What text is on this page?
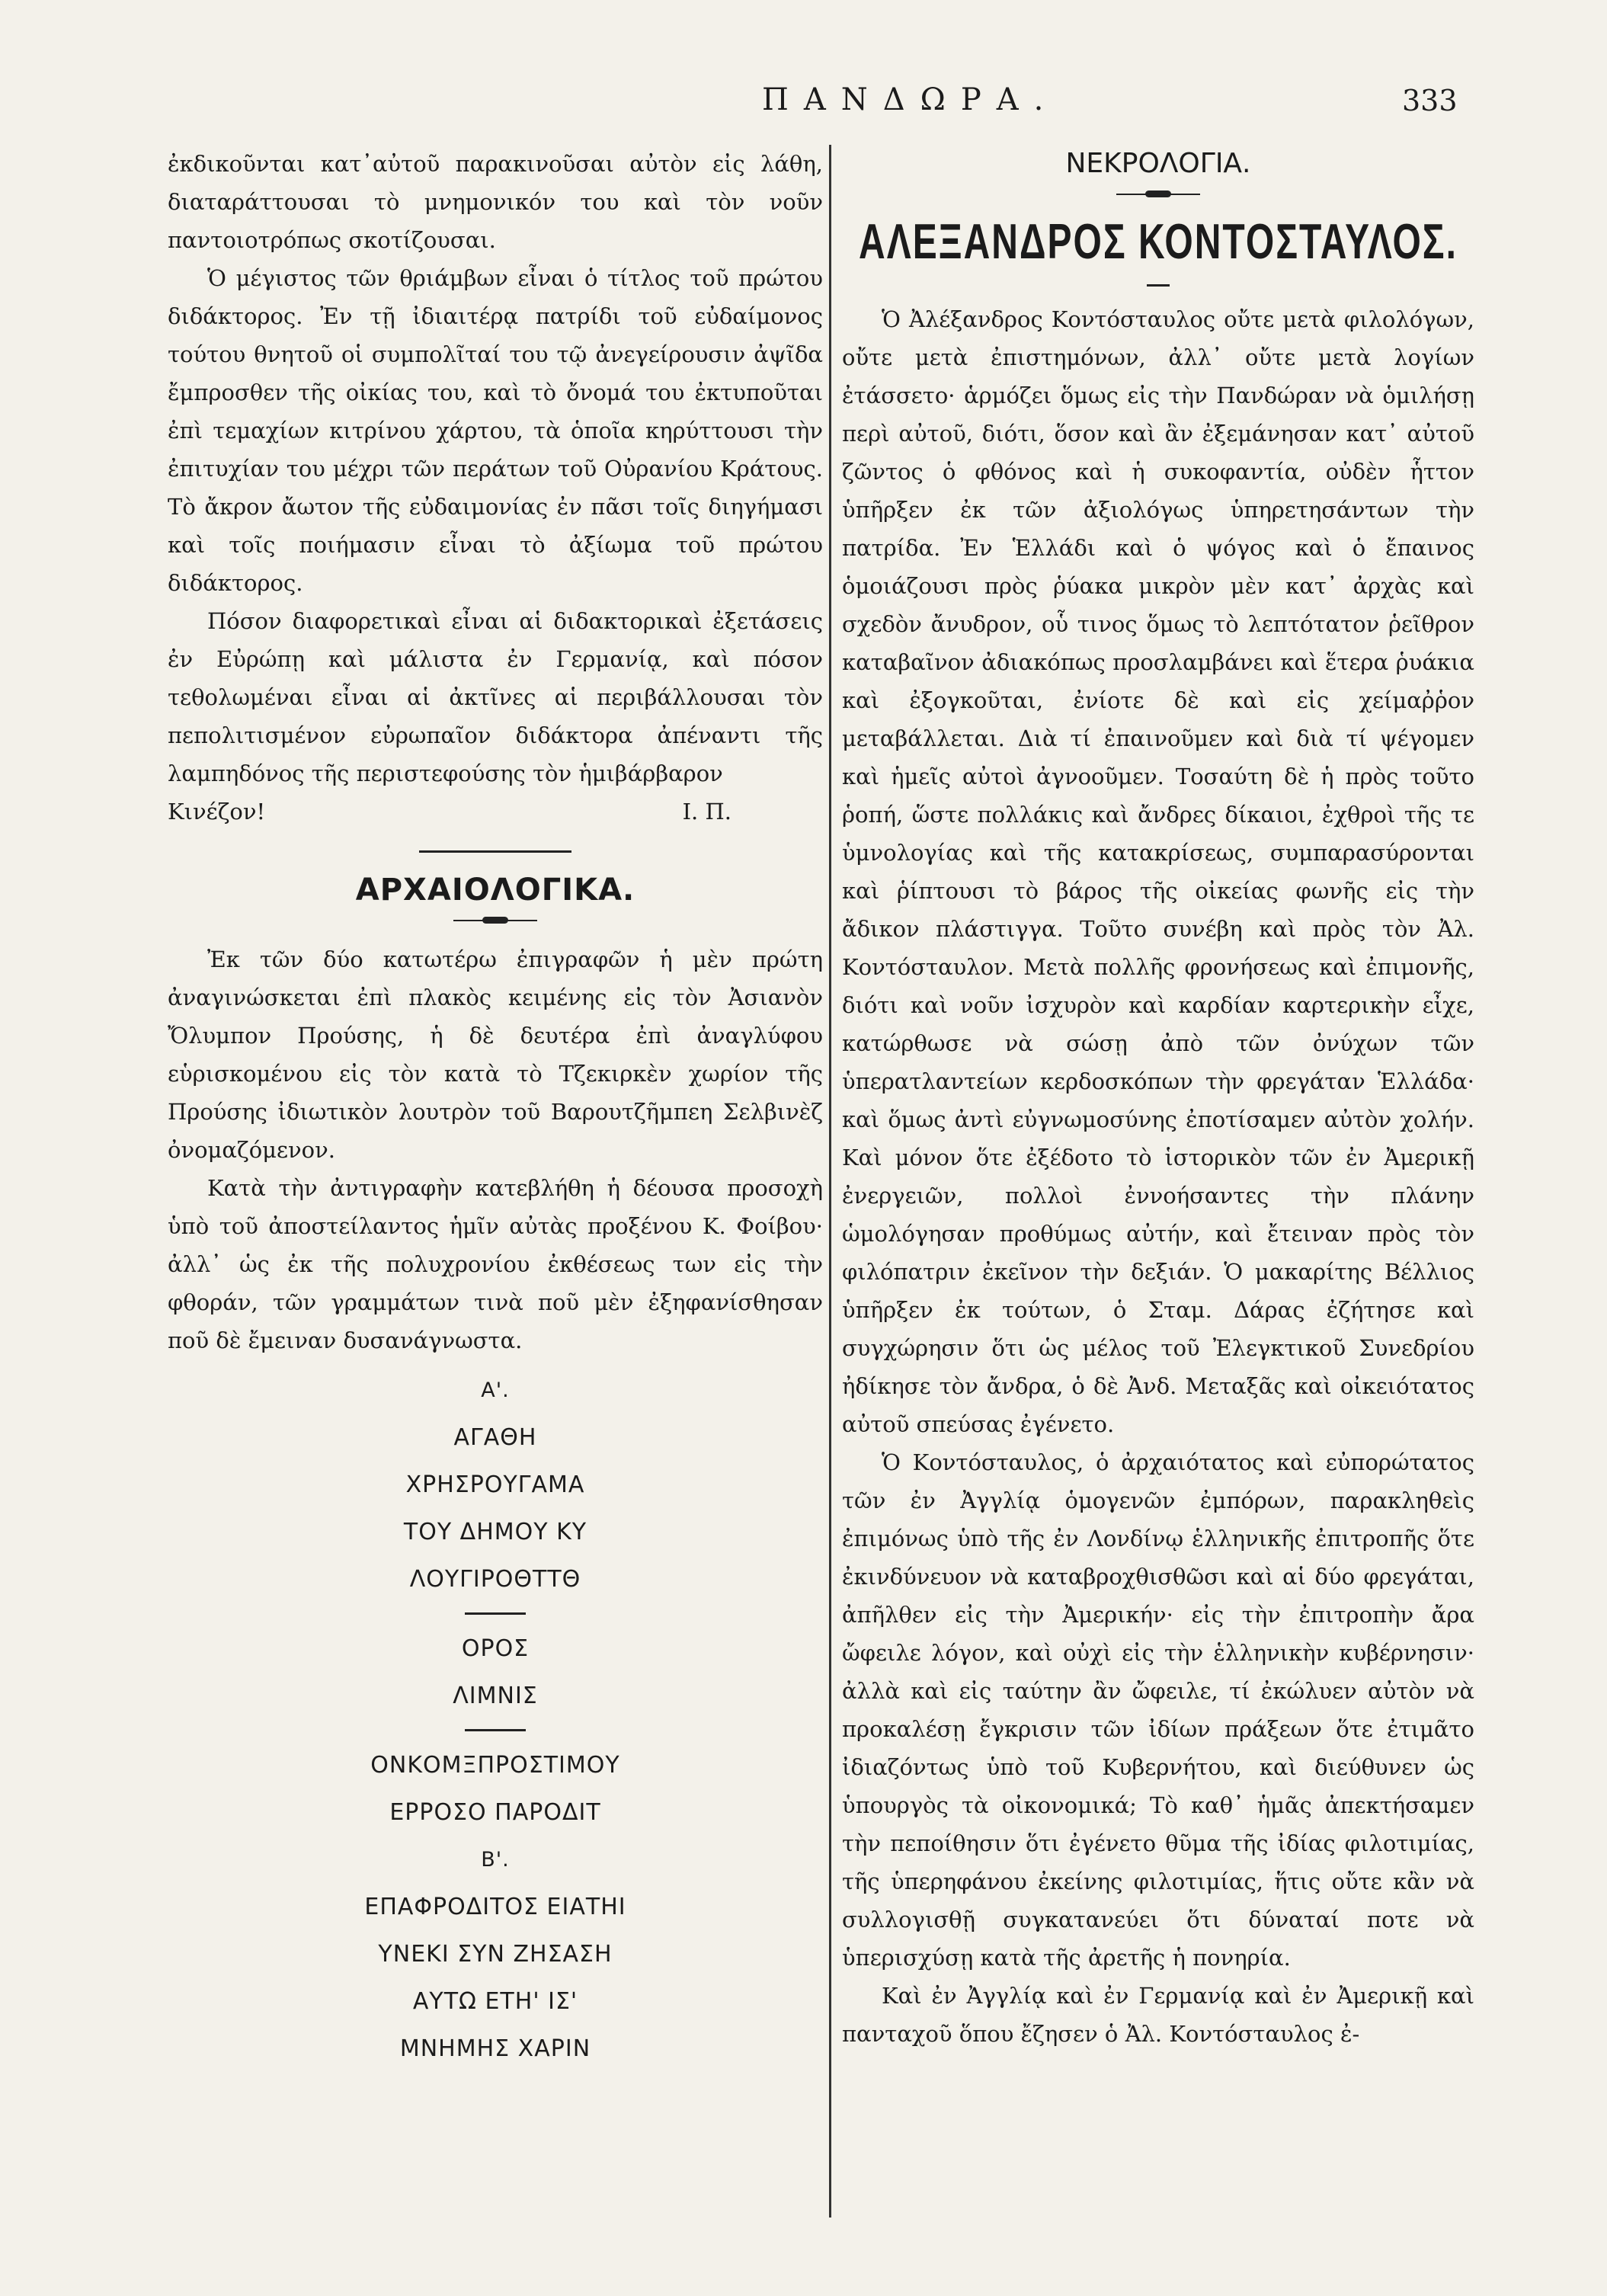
ΠΑΝΔΩΡΑ.	333

ἐκδικοῦνται κατ᾽αὐτοῦ παρακινοῦσαι αὐτὸν εἰς λάθη, διαταράττουσαι τὸ μνημονικόν του καὶ τὸν νοῦν παντοιοτρόπως σκοτίζουσαι.

Ὁ μέγιστος τῶν θριάμβων εἶναι ὁ τίτλος τοῦ πρώτου διδάκτορος. Ἐν τῇ ἰδιαιτέρᾳ πατρίδι τοῦ εὐδαίμονος τούτου θνητοῦ οἱ συμπολῖταί του τῷ ἀνεγείρουσιν ἀψῖδα ἔμπροσθεν τῆς οἰκίας του, καὶ τὸ ὄνομά του ἐκτυποῦται ἐπὶ τεμαχίων κιτρίνου χάρτου, τὰ ὁποῖα κηρύττουσι τὴν ἐπιτυχίαν του μέχρι τῶν περάτων τοῦ Οὐρανίου Κράτους. Τὸ ἄκρον ἄωτον τῆς εὐδαιμονίας ἐν πᾶσι τοῖς διηγήμασι καὶ τοῖς ποιήμασιν εἶναι τὸ ἀξίωμα τοῦ πρώτου διδάκτορος.

Πόσον διαφορετικαὶ εἶναι αἱ διδακτορικαὶ ἐξετάσεις ἐν Εὐρώπῃ καὶ μάλιστα ἐν Γερμανίᾳ, καὶ πόσον τεθολωμέναι εἶναι αἱ ἀκτῖνες αἱ περιβάλλουσαι τὸν πεπολιτισμένον εὐρωπαῖον διδάκτορα ἀπέναντι τῆς λαμπηδόνος τῆς περιστεφούσης τὸν ἡμιβάρβαρον

Κινέζον!	Ι. Π.
ΑΡΧΑΙΟΛΟΓΙΚΑ.

Ἐκ τῶν δύο κατωτέρω ἐπιγραφῶν ἡ μὲν πρώτη ἀναγινώσκεται ἐπὶ πλακὸς κειμένης εἰς τὸν Ἀσιανὸν Ὄλυμπον Προύσης, ἡ δὲ δευτέρα ἐπὶ ἀναγλύφου εὑρισκομένου εἰς τὸν κατὰ τὸ Τζεκιρκὲν χωρίον τῆς Προύσης ἰδιωτικὸν λουτρὸν τοῦ Βαρουτζῆμπεη Σελβινὲζ ὀνομαζόμενον.

Κατὰ τὴν ἀντιγραφὴν κατεβλήθη ἡ δέουσα προσοχὴ ὑπὸ τοῦ ἀποστείλαντος ἡμῖν αὐτὰς προξένου Κ. Φοίβου· ἀλλ᾽ ὡς ἐκ τῆς πολυχρονίου ἐκθέσεως των εἰς τὴν φθοράν, τῶν γραμμάτων τινὰ ποῦ μὲν ἐξηφανίσθησαν ποῦ δὲ ἔμειναν δυσανάγνωστα.

Α'.
ΑΓΑΘΗ
ΧΡΗΣΡΟΥΓΑΜΑ
ΤΟΥ ΔΗΜΟΥ ΚΥ
ΛΟΥΓΙΡΟΘΤΤΘ
ΟΡΟΣ
ΛΙΜΝΙΣ
ΟΝΚΟΜΞΠΡΟΣΤΙΜΟΥ
ΕΡΡΟΣΟ ΠΑΡΟΔΙΤ
Β'.
ΕΠΑΦΡΟΔΙΤΟΣ ΕΙΑΤΗΙ
ΥΝΕΚΙ ΣΥΝ ΖΗΣΑΣΗ
ΑΥΤΩ ΕΤΗ' ΙΣ'
ΜΝΗΜΗΣ ΧΑΡΙΝ
ΝΕΚΡΟΛΟΓΙΑ.
ΑΛΕΞΑΝΔΡΟΣ ΚΟΝΤΟΣΤΑΥΛΟΣ.

Ὁ Ἀλέξανδρος Κοντόσταυλος οὔτε μετὰ φιλολόγων, οὔτε μετὰ ἐπιστημόνων, ἀλλ᾽ οὔτε μετὰ λογίων ἐτάσσετο· ἁρμόζει ὅμως εἰς τὴν Πανδώραν νὰ ὁμιλήσῃ περὶ αὐτοῦ, διότι, ὅσον καὶ ἂν ἐξεμάνησαν κατ᾽ αὐτοῦ ζῶντος ὁ φθόνος καὶ ἡ συκοφαντία, οὐδὲν ἧττον ὑπῆρξεν ἐκ τῶν ἀξιολόγως ὑπηρετησάντων τὴν πατρίδα. Ἐν Ἑλλάδι καὶ ὁ ψόγος καὶ ὁ ἔπαινος ὁμοιάζουσι πρὸς ῥύακα μικρὸν μὲν κατ᾽ ἀρχὰς καὶ σχεδὸν ἄνυδρον, οὗ τινος ὅμως τὸ λεπτότατον ῥεῖθρον καταβαῖνον ἀδιακόπως προσλαμβάνει καὶ ἕτερα ῥυάκια καὶ ἐξογκοῦται, ἐνίοτε δὲ καὶ εἰς χείμαῤῥον μεταβάλλεται. Διὰ τί ἐπαινοῦμεν καὶ διὰ τί ψέγομεν καὶ ἡμεῖς αὐτοὶ ἀγνοοῦμεν. Τοσαύτη δὲ ἡ πρὸς τοῦτο ῥοπή, ὥστε πολλάκις καὶ ἄνδρες δίκαιοι, ἐχθροὶ τῆς τε ὑμνολογίας καὶ τῆς κατακρίσεως, συμπαρασύρονται καὶ ῥίπτουσι τὸ βάρος τῆς οἰκείας φωνῆς εἰς τὴν ἄδικον πλάστιγγα. Τοῦτο συνέβη καὶ πρὸς τὸν Ἀλ. Κοντόσταυλον. Μετὰ πολλῆς φρονήσεως καὶ ἐπιμονῆς, διότι καὶ νοῦν ἰσχυρὸν καὶ καρδίαν καρτερικὴν εἶχε, κατώρθωσε νὰ σώσῃ ἀπὸ τῶν ὀνύχων τῶν ὑπερατλαντείων κερδοσκόπων τὴν φρεγάταν Ἑλλάδα· καὶ ὅμως ἀντὶ εὐγνωμοσύνης ἐποτίσαμεν αὐτὸν χολήν. Καὶ μόνον ὅτε ἐξέδοτο τὸ ἱστορικὸν τῶν ἐν Ἀμερικῇ ἐνεργειῶν, πολλοὶ ἐννοήσαντες τὴν πλάνην ὡμολόγησαν προθύμως αὐτήν, καὶ ἔτειναν πρὸς τὸν φιλόπατριν ἐκεῖνον τὴν δεξιάν. Ὁ μακαρίτης Βέλλιος ὑπῆρξεν ἐκ τούτων, ὁ Σταμ. Δάρας ἐζήτησε καὶ συγχώρησιν ὅτι ὡς μέλος τοῦ Ἐλεγκτικοῦ Συνεδρίου ἠδίκησε τὸν ἄνδρα, ὁ δὲ Ἀνδ. Μεταξᾶς καὶ οἰκειότατος αὐτοῦ σπεύσας ἐγένετο.

Ὁ Κοντόσταυλος, ὁ ἀρχαιότατος καὶ εὐπορώτατος τῶν ἐν Ἀγγλίᾳ ὁμογενῶν ἐμπόρων, παρακληθεὶς ἐπιμόνως ὑπὸ τῆς ἐν Λονδίνῳ ἑλληνικῆς ἐπιτροπῆς ὅτε ἐκινδύνευον νὰ καταβροχθισθῶσι καὶ αἱ δύο φρεγάται, ἀπῆλθεν εἰς τὴν Ἀμερικήν· εἰς τὴν ἐπιτροπὴν ἄρα ὤφειλε λόγον, καὶ οὐχὶ εἰς τὴν ἑλληνικὴν κυβέρνησιν· ἀλλὰ καὶ εἰς ταύτην ἂν ὤφειλε, τί ἐκώλυεν αὐτὸν νὰ προκαλέσῃ ἔγκρισιν τῶν ἰδίων πράξεων ὅτε ἐτιμᾶτο ἰδιαζόντως ὑπὸ τοῦ Κυβερνήτου, καὶ διεύθυνεν ὡς ὑπουργὸς τὰ οἰκονομικά; Τὸ καθ᾽ ἡμᾶς ἀπεκτήσαμεν τὴν πεποίθησιν ὅτι ἐγένετο θῦμα τῆς ἰδίας φιλοτιμίας, τῆς ὑπερηφάνου ἐκείνης φιλοτιμίας, ἥτις οὔτε κἂν νὰ συλλογισθῇ συγκατανεύει ὅτι δύναταί ποτε νὰ ὑπερισχύσῃ κατὰ τῆς ἀρετῆς ἡ πονηρία.

Καὶ ἐν Ἀγγλίᾳ καὶ ἐν Γερμανίᾳ καὶ ἐν Ἀμερικῇ καὶ πανταχοῦ ὅπου ἔζησεν ὁ Ἀλ. Κοντόσταυλος ἐ-
